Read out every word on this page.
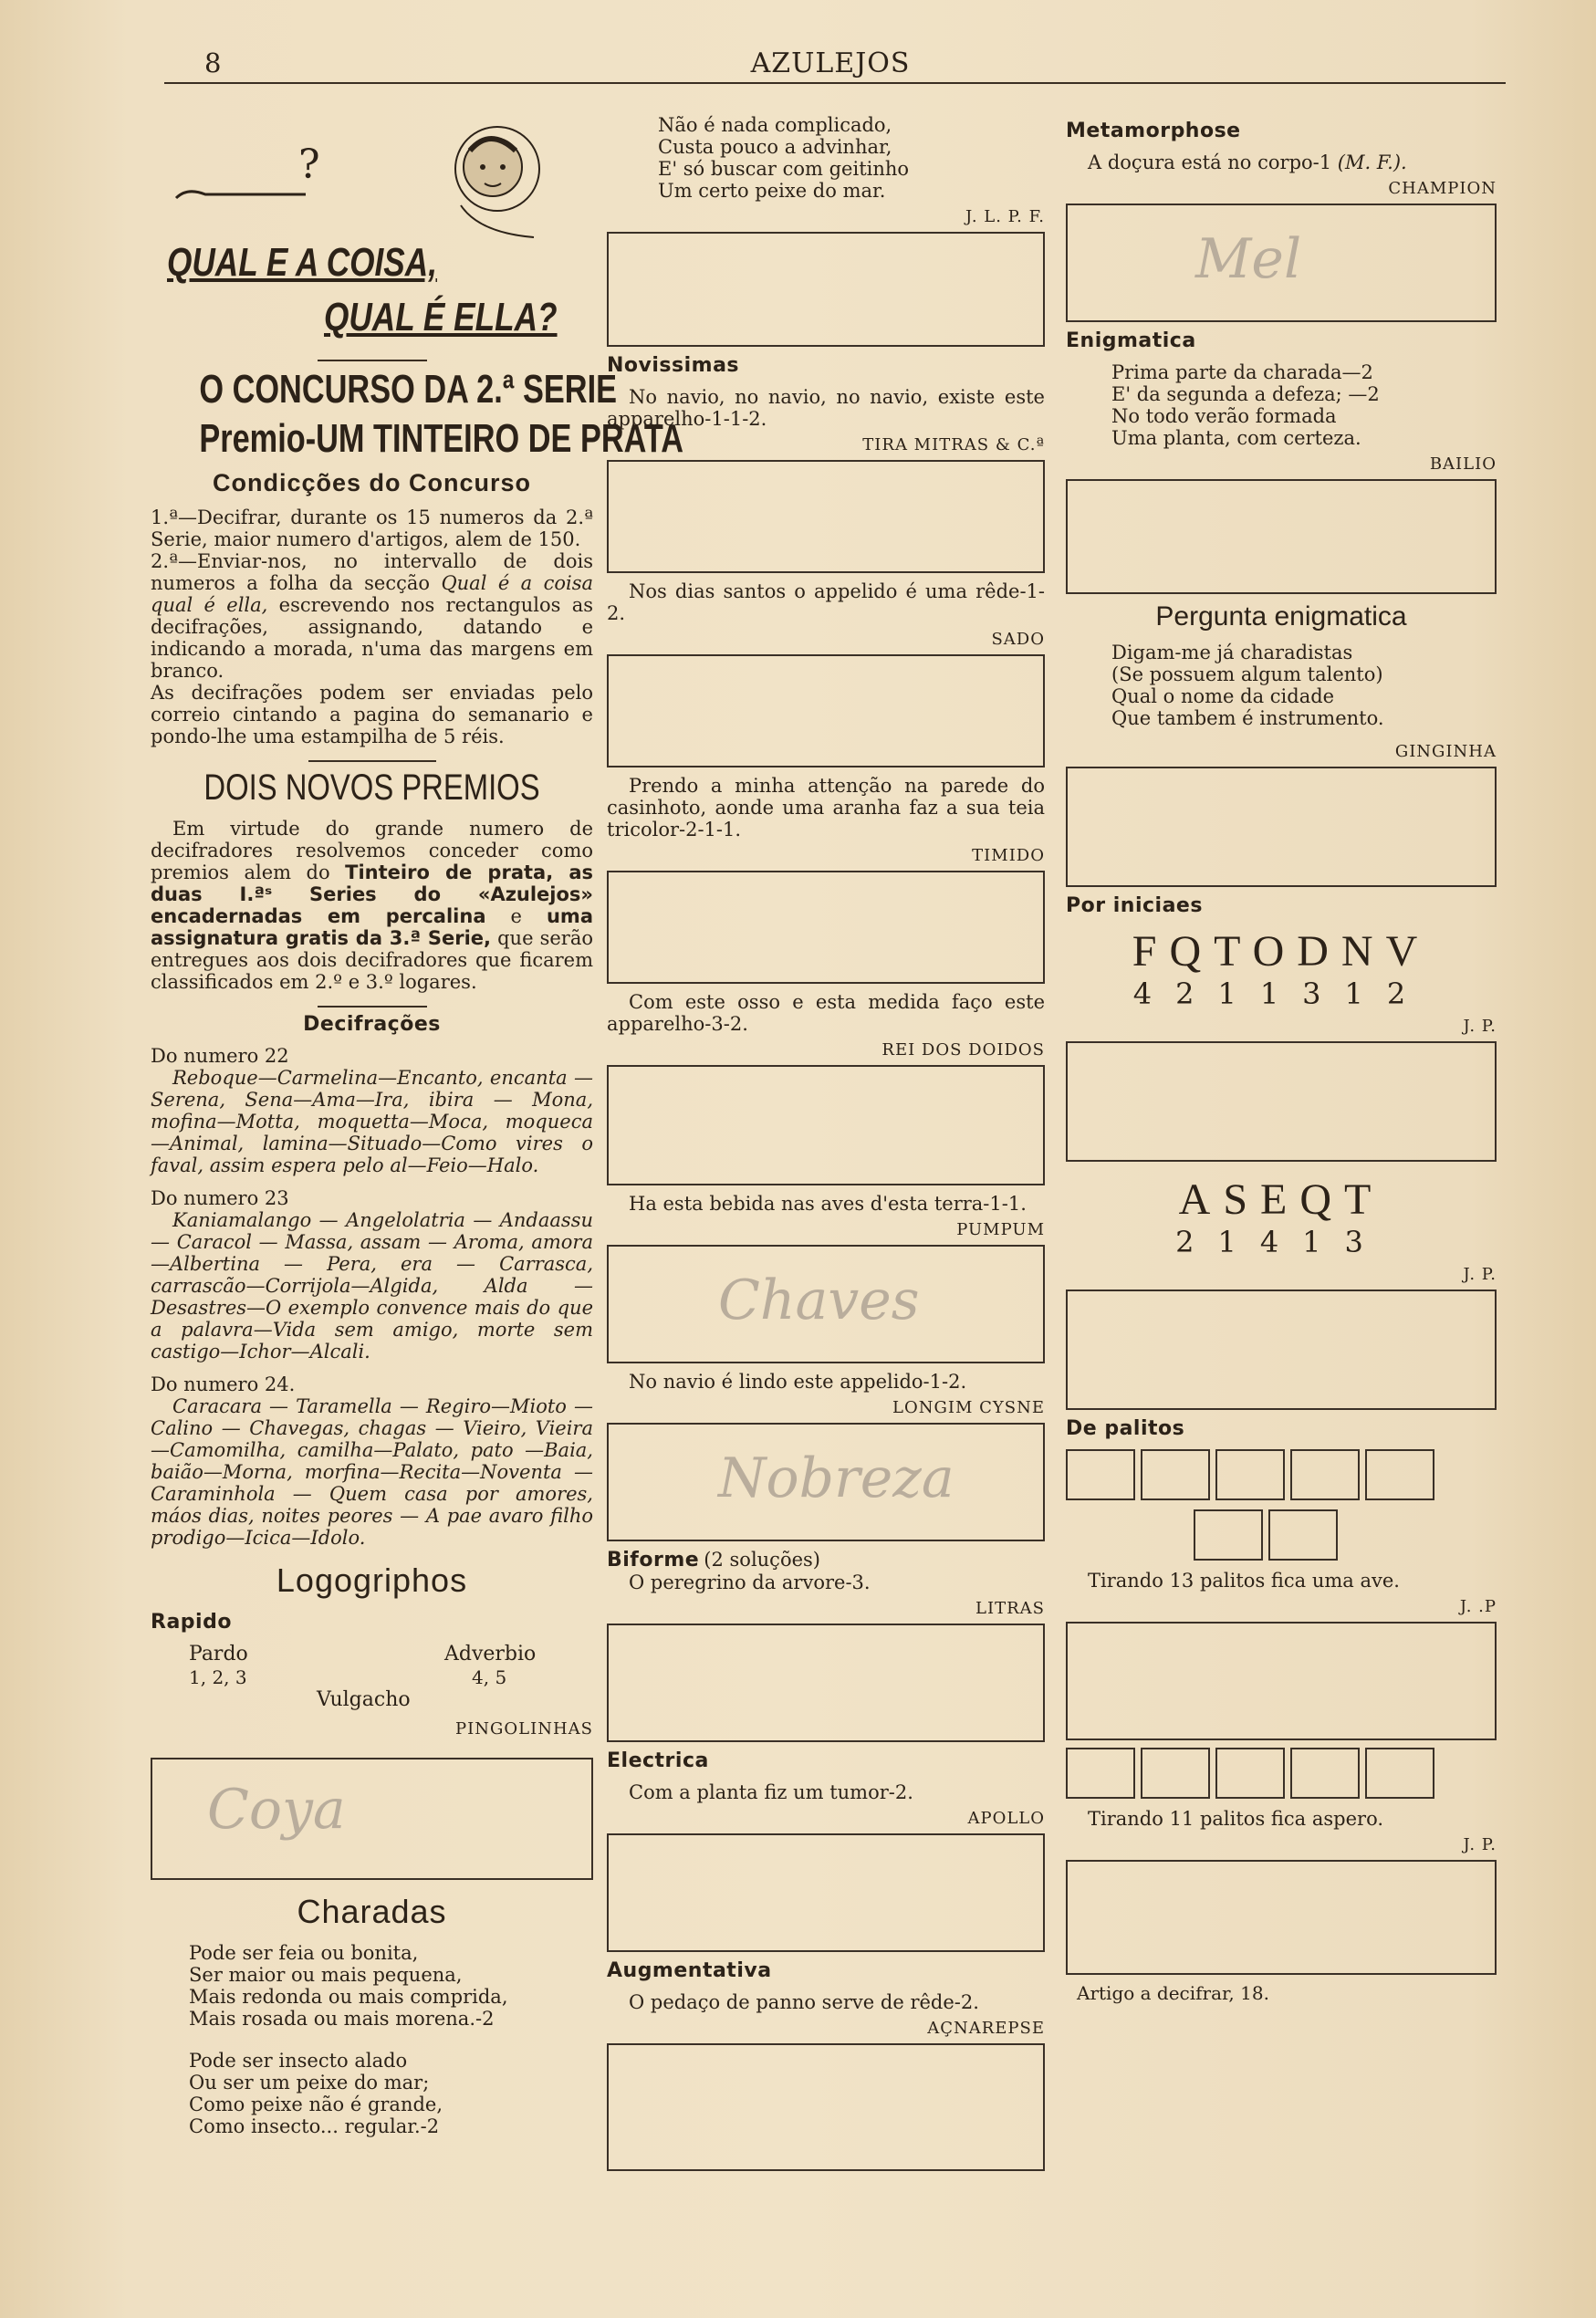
8	AZULEJOS
?
QUAL E A COISA,
QUAL É ELLA?
O CONCURSO DA 2.ª SERIE
Premio-UM TINTEIRO DE PRATA
Condicções do Concurso

1.ª—Decifrar, durante os 15 numeros da 2.ª Serie, maior numero d'artigos, alem de 150.

2.ª—Enviar-nos, no intervallo de dois numeros a folha da secção Qual é a coisa qual é ella, escrevendo nos rectangulos as decifrações, assignando, datando e indicando a morada, n'uma das margens em branco.

As decifrações podem ser enviadas pelo correio cintando a pagina do semanario e pondo-lhe uma estampilha de 5 réis.

DOIS NOVOS PREMIOS

Em virtude do grande numero de decifradores resolvemos conceder como premios alem do Tinteiro de prata, as duas I.ªˢ Series do «Azulejos» encadernadas em percalina e uma assignatura gratis da 3.ª Serie, que serão entregues aos dois decifradores que ficarem classificados em 2.º e 3.º logares.

Decifrações

Do numero 22

Reboque—Carmelina—Encanto, encanta —Serena, Sena—Ama—Ira, ibira — Mona, mofina—Motta, moquetta—Moca, moqueca —Animal, lamina—Situado—Como vires o faval, assim espera pelo al—Feio—Halo.

Do numero 23

Kaniamalango — Angelolatria — Andaassu — Caracol — Massa, assam — Aroma, amora—Albertina — Pera, era — Carrasca, carrascão—Corrijola—Algida, Alda — Desastres—O exemplo convence mais do que a palavra—Vida sem amigo, morte sem castigo—Ichor—Alcali.

Do numero 24.

Caracara — Taramella — Regiro—Mioto — Calino — Chavegas, chagas — Vieiro, Vieira—Camomilha, camilha—Palato, pato —Baia, baião—Morna, morfina—Recita—Noventa — Caraminhola — Quem casa por amores, máos dias, noites peores — A pae avaro filho prodigo—Icica—Idolo.

Logogriphos
Rapido
Pardo
1, 2, 3
Adverbio
4, 5
Vulgacho
PINGOLINHAS
Coya
Charadas

Pode ser feia ou bonita,

Ser maior ou mais pequena,

Mais redonda ou mais comprida,

Mais rosada ou mais morena.-2

Pode ser insecto alado

Ou ser um peixe do mar;

Como peixe não é grande,

Como insecto... regular.-2

Não é nada complicado,

Custa pouco a advinhar,

E' só buscar com geitinho

Um certo peixe do mar.

J. L. P. F.
Novissimas

No navio, no navio, no navio, existe este apparelho-1-1-2.

TIRA MITRAS & C.ª

Nos dias santos o appelido é uma rêde-1-2.

SADO

Prendo a minha attenção na parede do casinhoto, aonde uma aranha faz a sua teia tricolor-2-1-1.

TIMIDO

Com este osso e esta medida faço este apparelho-3-2.

REI DOS DOIDOS

Ha esta bebida nas aves d'esta terra-1-1.

PUMPUM
Chaves

No navio é lindo este appelido-1-2.

LONGIM CYSNE
Nobreza
Biforme (2 soluções)

O peregrino da arvore-3.

LITRAS
Electrica

Com a planta fiz um tumor-2.

APOLLO
Augmentativa

O pedaço de panno serve de rêde-2.

AÇNAREPSE
Metamorphose

A doçura está no corpo-1 (M. F.).

CHAMPION
Mel
Enigmatica

Prima parte da charada—2

E' da segunda a defeza; —2

No todo verão formada

Uma planta, com certeza.

BAILIO
Pergunta enigmatica

Digam-me já charadistas

(Se possuem algum talento)

Qual o nome da cidade

Que tambem é instrumento.

GINGINHA
Por iniciaes
FQTODNV
4211312
J. P.
ASEQT
21413
J. P.
De palitos

Tirando 13 palitos fica uma ave.

J. .P

Tirando 11 palitos fica aspero.

J. P.

Artigo a decifrar, 18.
